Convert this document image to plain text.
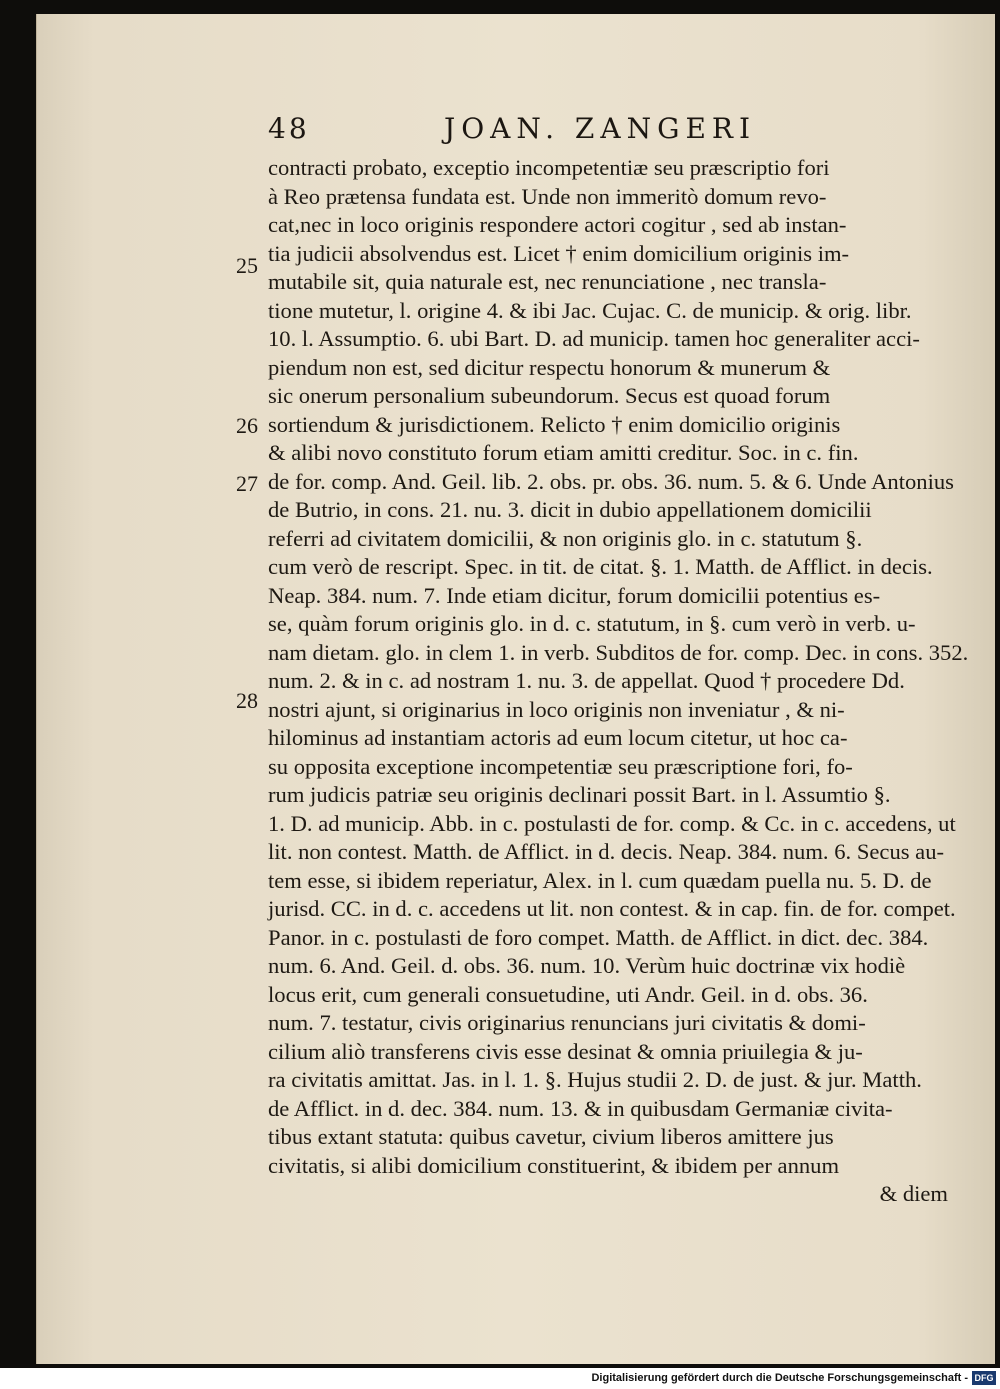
48	JOAN. ZANGERI
25
26
27
28
contracti probato, exceptio incompetentiæ seu præscriptio fori
à Reo prætensa fundata est. Unde non immeritò domum revo-
cat,nec in loco originis respondere actori cogitur , sed ab instan-
tia judicii absolvendus est. Licet † enim domicilium originis im-
mutabile sit, quia naturale est, nec renunciatione , nec transla-
tione mutetur, l. origine 4. & ibi Jac. Cujac. C. de municip. & orig. libr.
10. l. Assumptio. 6. ubi Bart. D. ad municip. tamen hoc generaliter acci-
piendum non est, sed dicitur respectu honorum & munerum &
sic onerum personalium subeundorum. Secus est quoad forum
sortiendum & jurisdictionem. Relicto † enim domicilio originis
& alibi novo constituto forum etiam amitti creditur. Soc. in c. fin.
de for. comp. And. Geil. lib. 2. obs. pr. obs. 36. num. 5. & 6. Unde Antonius
de Butrio, in cons. 21. nu. 3. dicit in dubio appellationem domicilii
referri ad civitatem domicilii, & non originis glo. in c. statutum §.
cum verò de rescript. Spec. in tit. de citat. §. 1. Matth. de Afflict. in decis.
Neap. 384. num. 7. Inde etiam dicitur, forum domicilii potentius es-
se, quàm forum originis glo. in d. c. statutum, in §. cum verò in verb. u-
nam dietam. glo. in clem 1. in verb. Subditos de for. comp. Dec. in cons. 352.
num. 2. & in c. ad nostram 1. nu. 3. de appellat. Quod † procedere Dd.
nostri ajunt, si originarius in loco originis non inveniatur , & ni-
hilominus ad instantiam actoris ad eum locum citetur, ut hoc ca-
su opposita exceptione incompetentiæ seu præscriptione fori, fo-
rum judicis patriæ seu originis declinari possit Bart. in l. Assumtio §.
1. D. ad municip. Abb. in c. postulasti de for. comp. & Cc. in c. accedens, ut
lit. non contest. Matth. de Afflict. in d. decis. Neap. 384. num. 6. Secus au-
tem esse, si ibidem reperiatur, Alex. in l. cum quædam puella nu. 5. D. de
jurisd. CC. in d. c. accedens ut lit. non contest. & in cap. fin. de for. compet.
Panor. in c. postulasti de foro compet. Matth. de Afflict. in dict. dec. 384.
num. 6. And. Geil. d. obs. 36. num. 10. Verùm huic doctrinæ vix hodiè
locus erit, cum generali consuetudine, uti Andr. Geil. in d. obs. 36.
num. 7. testatur, civis originarius renuncians juri civitatis & domi-
cilium aliò transferens civis esse desinat & omnia priuilegia & ju-
ra civitatis amittat. Jas. in l. 1. §. Hujus studii 2. D. de just. & jur. Matth.
de Afflict. in d. dec. 384. num. 13. & in quibusdam Germaniæ civita-
tibus extant statuta: quibus cavetur, civium liberos amittere jus
civitatis, si alibi domicilium constituerint, & ibidem per annum
& diem
Digitalisierung gefördert durch die Deutsche Forschungsgemeinschaft - DFG
